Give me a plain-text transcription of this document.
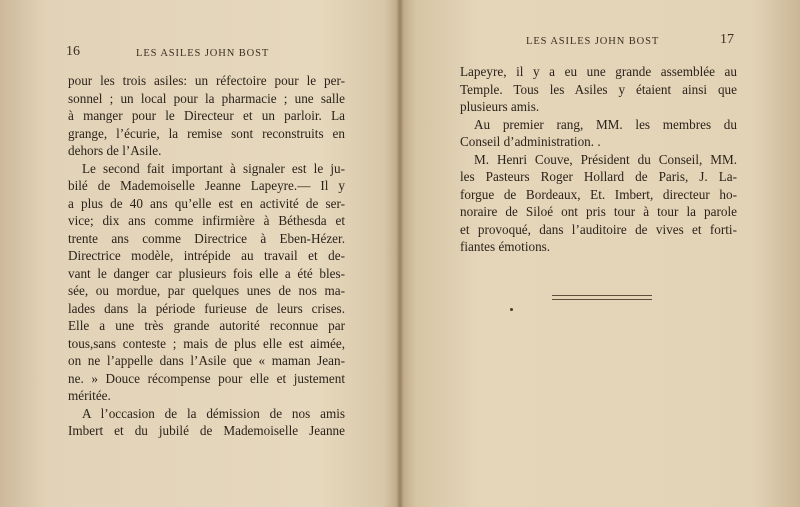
16	LES ASILES JOHN BOST
pour les trois asiles: un réfectoire pour le per-
sonnel ; un local pour la pharmacie ; une salle
à manger pour le Directeur et un parloir. La
grange, l’écurie, la remise sont reconstruits en
dehors de l’Asile.
Le second fait important à signaler est le ju-
bilé de Mademoiselle Jeanne Lapeyre.— Il y
a plus de 40 ans qu’elle est en activité de ser-
vice; dix ans comme infirmière à Béthesda et
trente ans comme Directrice à Eben-Hézer.
Directrice modèle, intrépide au travail et de-
vant le danger car plusieurs fois elle a été bles-
sée, ou mordue, par quelques unes de nos ma-
lades dans la période furieuse de leurs crises.
Elle a une très grande autorité reconnue par
tous,sans conteste ; mais de plus elle est aimée,
on ne l’appelle dans l’Asile que « maman Jean-
ne. » Douce récompense pour elle et justement
méritée.
A l’occasion de la démission de nos amis
Imbert et du jubilé de Mademoiselle Jeanne
LES ASILES JOHN BOST	17
Lapeyre, il y a eu une grande assemblée au
Temple. Tous les Asiles y étaient ainsi que
plusieurs amis.
Au premier rang, MM. les membres du
Conseil d’administration. .
M. Henri Couve, Président du Conseil, MM.
les Pasteurs Roger Hollard de Paris, J. La-
forgue de Bordeaux, Et. Imbert, directeur ho-
noraire de Siloé ont pris tour à tour la parole
et provoqué, dans l’auditoire de vives et forti-
fiantes émotions.
